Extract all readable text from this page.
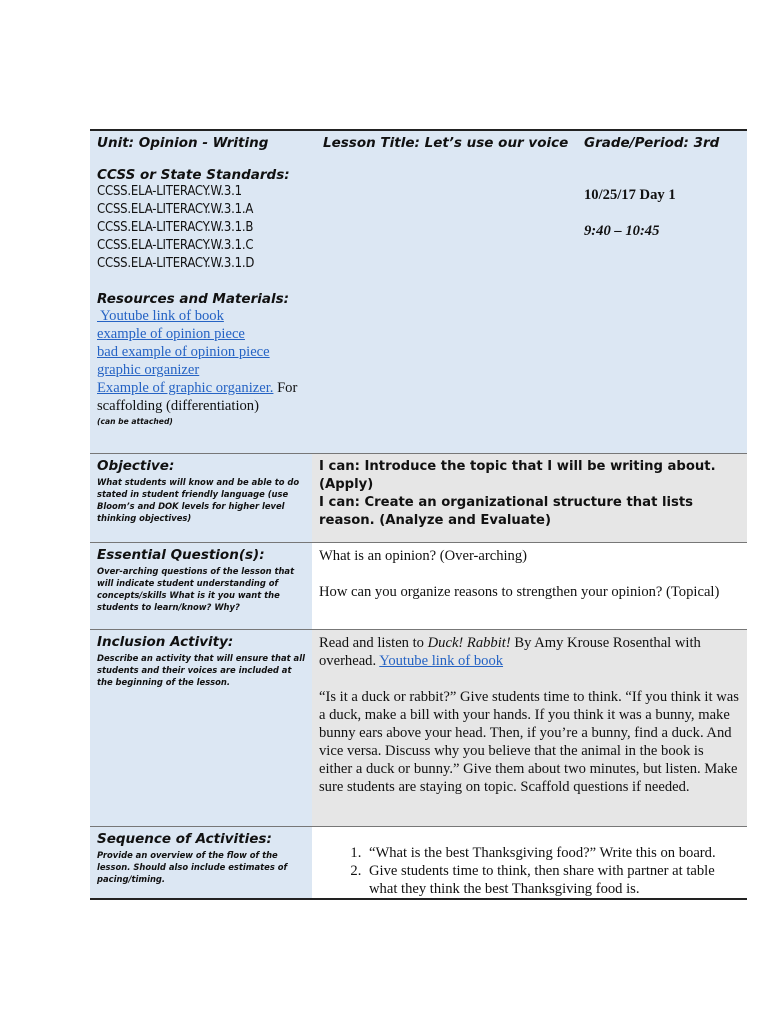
Unit: Opinion - Writing	Lesson Title: Let’s use our voice	Grade/Period: 3rd
10/25/17 Day 1
9:40 – 10:45
CCSS or State Standards:
CCSS.ELA-LITERACY.W.3.1
CCSS.ELA-LITERACY.W.3.1.A
CCSS.ELA-LITERACY.W.3.1.B
CCSS.ELA-LITERACY.W.3.1.C
CCSS.ELA-LITERACY.W.3.1.D
Resources and Materials:
Youtube link of book
example of opinion piece
bad example of opinion piece
graphic organizer
Example of graphic organizer. For
scaffolding (differentiation)
(can be attached)
Objective:
What students will know and be able to do stated in student friendly language (use Bloom’s and DOK levels for higher level thinking objectives)
I can: Introduce the topic that I will be writing about. (Apply)
I can: Create an organizational structure that lists reason. (Analyze and Evaluate)
Essential Question(s):
Over-arching questions of the lesson that will indicate student understanding of concepts/skills What is it you want the students to learn/know? Why?
What is an opinion? (Over-arching)
How can you organize reasons to strengthen your opinion? (Topical)
Inclusion Activity:
Describe an activity that will ensure that all students and their voices are included at the beginning of the lesson.
Read and listen to Duck! Rabbit! By Amy Krouse Rosenthal with overhead. Youtube link of book
“Is it a duck or rabbit?” Give students time to think. “If you think it was a duck, make a bill with your hands. If you think it was a bunny, make bunny ears above your head. Then, if you’re a bunny, find a duck. And vice versa. Discuss why you believe that the animal in the book is either a duck or bunny.” Give them about two minutes, but listen. Make sure students are staying on topic. Scaffold questions if needed.
Sequence of Activities:
Provide an overview of the flow of the lesson. Should also include estimates of pacing/timing.
1. “What is the best Thanksgiving food?” Write this on board.
2. Give students time to think, then share with partner at table what they think the best Thanksgiving food is.
